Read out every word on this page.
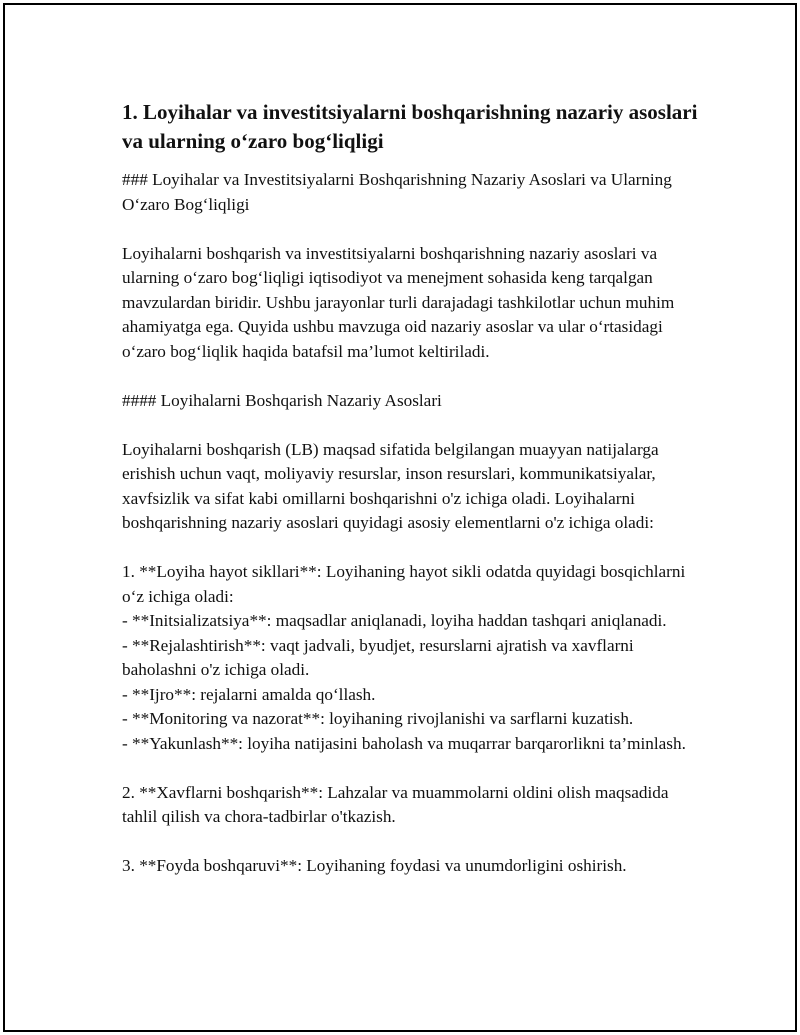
1. Loyihalar va investitsiyalarni boshqarishning nazariy asoslari va ularning o‘zaro bog‘liqligi

### Loyihalar va Investitsiyalarni Boshqarishning Nazariy Asoslari va Ularning O‘zaro Bog‘liqligi

Loyihalarni boshqarish va investitsiyalarni boshqarishning nazariy asoslari va ularning o‘zaro bog‘liqligi iqtisodiyot va menejment sohasida keng tarqalgan mavzulardan biridir. Ushbu jarayonlar turli darajadagi tashkilotlar uchun muhim ahamiyatga ega. Quyida ushbu mavzuga oid nazariy asoslar va ular o‘rtasidagi o‘zaro bog‘liqlik haqida batafsil ma’lumot keltiriladi.

#### Loyihalarni Boshqarish Nazariy Asoslari

Loyihalarni boshqarish (LB) maqsad sifatida belgilangan muayyan natijalarga erishish uchun vaqt, moliyaviy resurslar, inson resurslari, kommunikatsiyalar, xavfsizlik va sifat kabi omillarni boshqarishni o'z ichiga oladi. Loyihalarni boshqarishning nazariy asoslari quyidagi asosiy elementlarni o'z ichiga oladi:

1. **Loyiha hayot sikllari**: Loyihaning hayot sikli odatda quyidagi bosqichlarni o‘z ichiga oladi:
- **Initsializatsiya**: maqsadlar aniqlanadi, loyiha haddan tashqari aniqlanadi.
- **Rejalashtirish**: vaqt jadvali, byudjet, resurslarni ajratish va xavflarni baholashni o'z ichiga oladi.
- **Ijro**: rejalarni amalda qo‘llash.
- **Monitoring va nazorat**: loyihaning rivojlanishi va sarflarni kuzatish.
- **Yakunlash**: loyiha natijasini baholash va muqarrar barqarorlikni ta’minlash.

2. **Xavflarni boshqarish**: Lahzalar va muammolarni oldini olish maqsadida tahlil qilish va chora-tadbirlar o'tkazish.

3. **Foyda boshqaruvi**: Loyihaning foydasi va unumdorligini oshirish.
